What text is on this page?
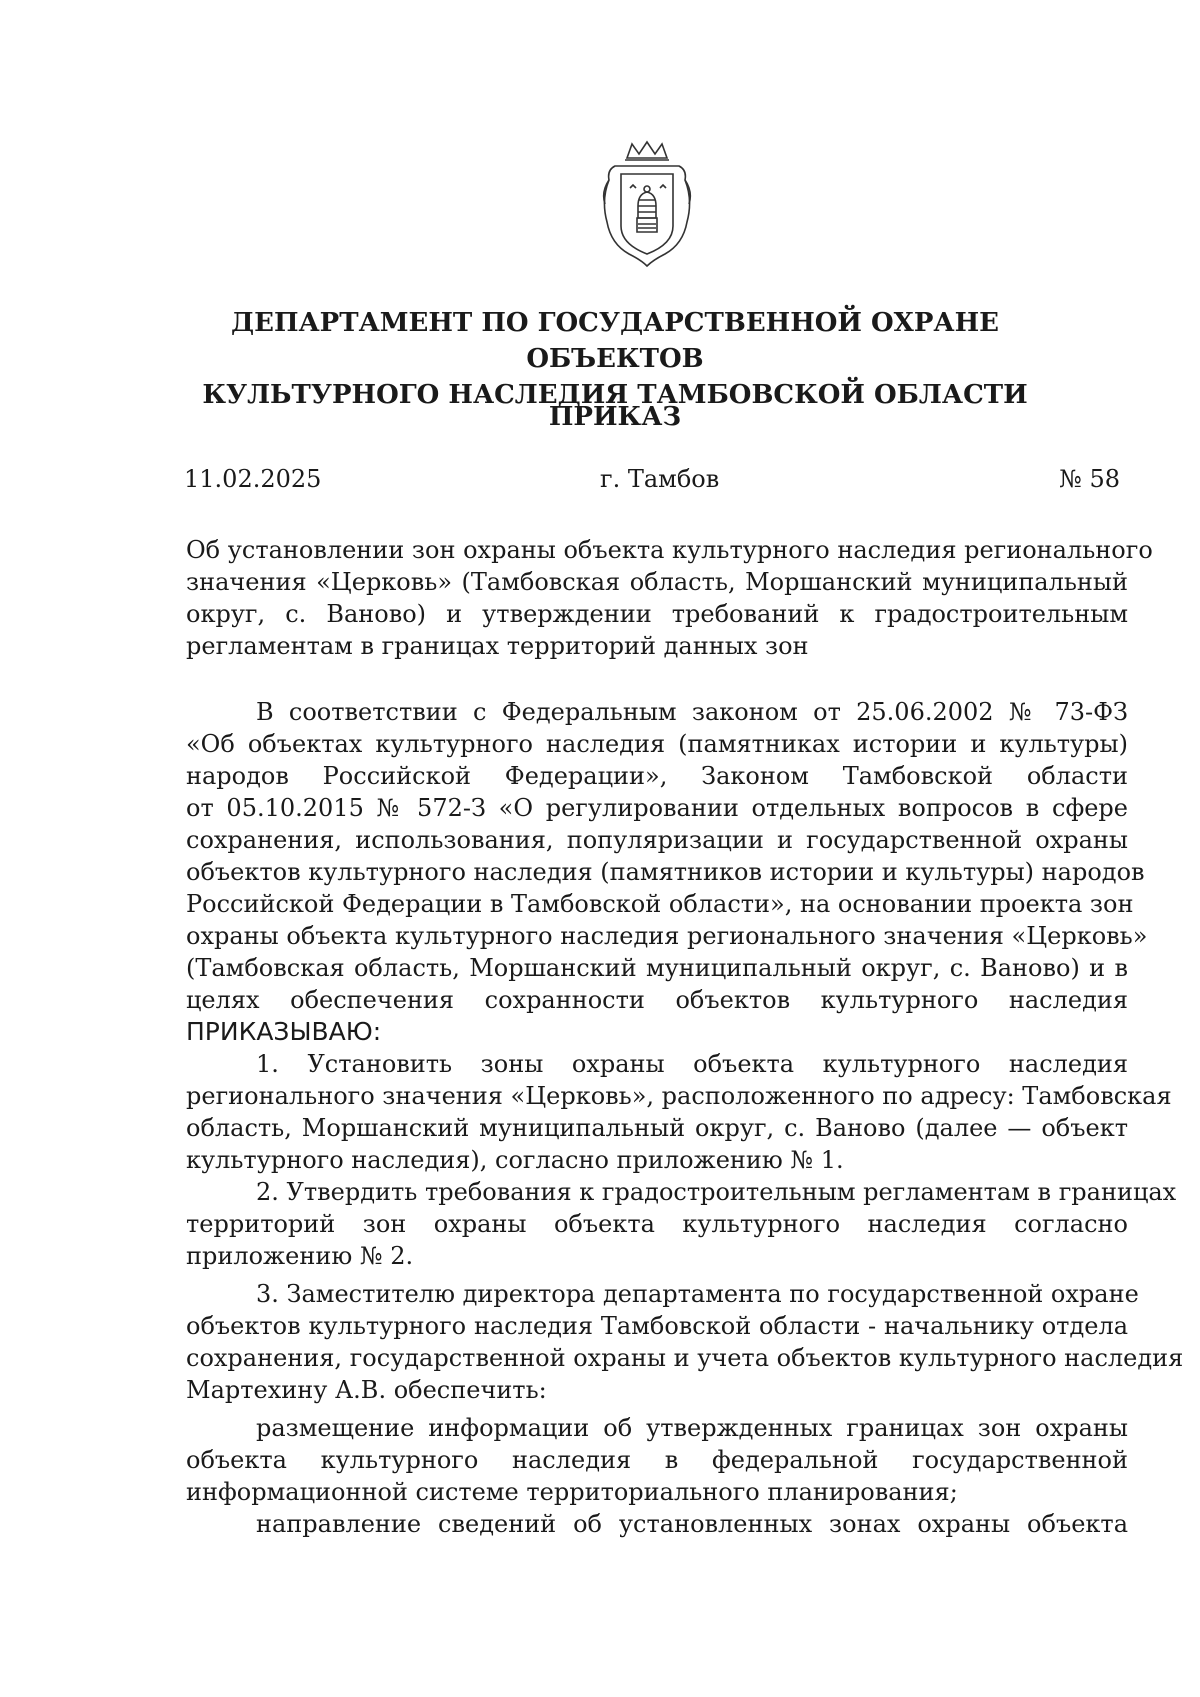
ДЕПАРТАМЕНТ ПО ГОСУДАРСТВЕННОЙ ОХРАНЕ ОБЪЕКТОВ
КУЛЬТУРНОГО НАСЛЕДИЯ ТАМБОВСКОЙ ОБЛАСТИ
ПРИКАЗ
11.02.2025	г. Тамбов	№ 58
Об установлении зон охраны объекта культурного наследия регионального
значения «Церковь» (Тамбовская область, Моршанский муниципальный
округ, с. Ваново) и утверждении требований к градостроительным
регламентам в границах территорий данных зон
В соответствии с Федеральным законом от 25.06.2002 № 73-ФЗ
«Об объектах культурного наследия (памятниках истории и культуры)
народов Российской Федерации», Законом Тамбовской области
от 05.10.2015 № 572-З «О регулировании отдельных вопросов в сфере
сохранения, использования, популяризации и государственной охраны
объектов культурного наследия (памятников истории и культуры) народов
Российской Федерации в Тамбовской области», на основании проекта зон
охраны объекта культурного наследия регионального значения «Церковь»
(Тамбовская область, Моршанский муниципальный округ, с. Ваново) и в
целях обеспечения сохранности объектов культурного наследия
ПРИКАЗЫВАЮ:
1. Установить зоны охраны объекта культурного наследия
регионального значения «Церковь», расположенного по адресу: Тамбовская
область, Моршанский муниципальный округ, с. Ваново (далее — объект
культурного наследия), согласно приложению № 1.
2. Утвердить требования к градостроительным регламентам в границах
территорий зон охраны объекта культурного наследия согласно
приложению № 2.
3. Заместителю директора департамента по государственной охране
объектов культурного наследия Тамбовской области - начальнику отдела
сохранения, государственной охраны и учета объектов культурного наследия
Мартехину А.В. обеспечить:
размещение информации об утвержденных границах зон охраны
объекта культурного наследия в федеральной государственной
информационной системе территориального планирования;
направление сведений об установленных зонах охраны объекта
